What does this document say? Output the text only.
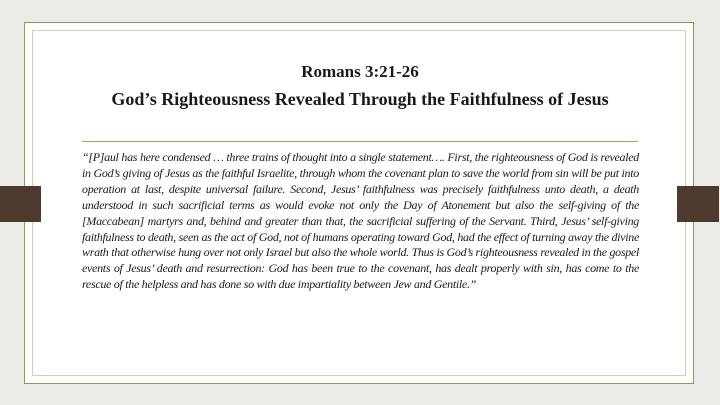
Romans 3:21-26
God’s Righteousness Revealed Through the Faithfulness of Jesus

“[P]aul has here condensed … three trains of thought into a single statement…. First, the righteousness of God is revealed in God’s giving of Jesus as the faithful Israelite, through whom the covenant plan to save the world from sin will be put into operation at last, despite universal failure. Second, Jesus’ faithfulness was precisely faithfulness unto death, a death understood in such sacrificial terms as would evoke not only the Day of Atonement but also the self-giving of the [Maccabean] martyrs and, behind and greater than that, the sacrificial suffering of the Servant. Third, Jesus’ self-giving faithfulness to death, seen as the act of God, not of humans operating toward God, had the effect of turning away the divine wrath that otherwise hung over not only Israel but also the whole world. Thus is God’s righteousness revealed in the gospel events of Jesus’ death and resurrection: God has been true to the covenant, has dealt properly with sin, has come to the rescue of the helpless and has done so with due impartiality between Jew and Gentile.”
